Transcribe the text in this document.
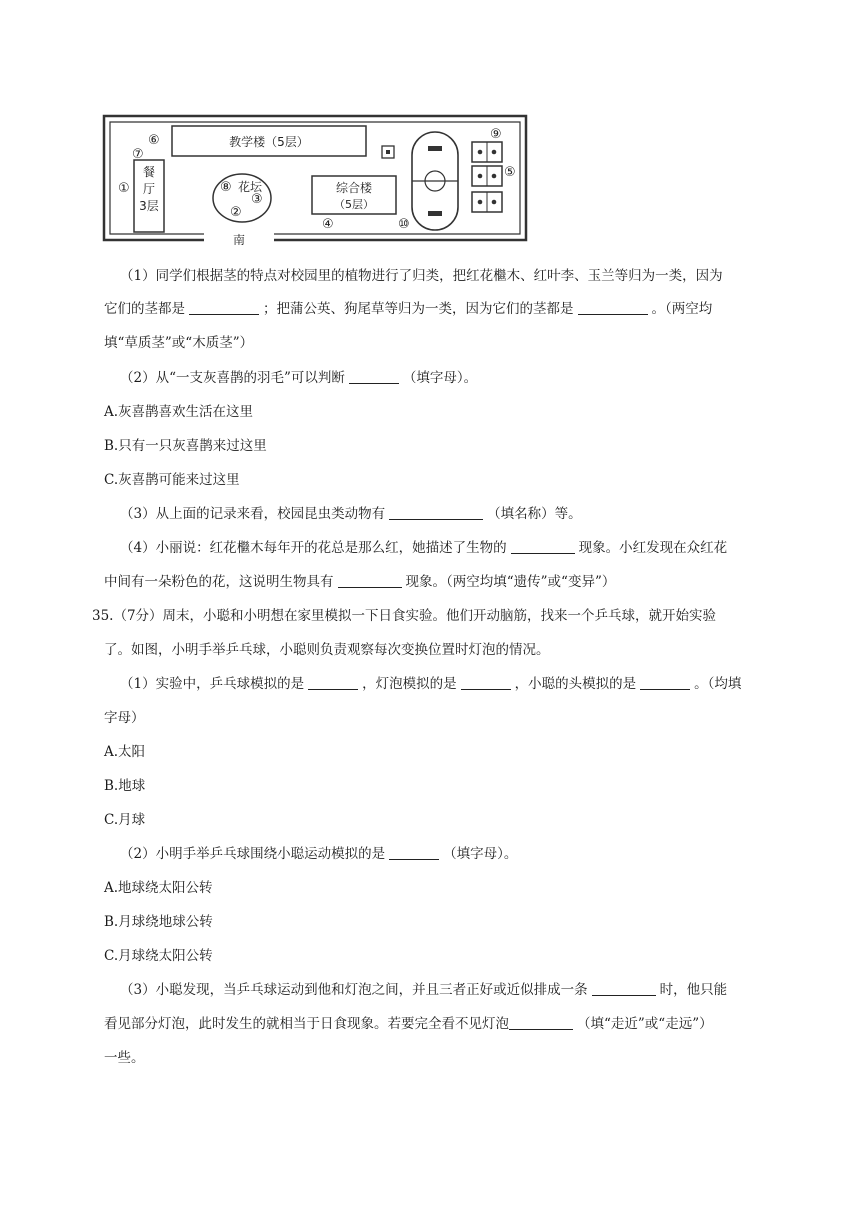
教学楼（5层）
餐厅 3层
花坛	综合楼
（5层）
①
②
③
④
⑤
⑥
⑦
⑧
⑨
⑩
南
（1）同学们根据茎的特点对校园里的植物进行了归类，把红花檵木、红叶李、玉兰等归为一类，因为
它们的茎都是	；把蒲公英、狗尾草等归为一类，因为它们的茎都是	。（两空均
填“草质茎”或“木质茎”）
（2）从“一支灰喜鹊的羽毛”可以判断	（填字母）。
A.灰喜鹊喜欢生活在这里
B.只有一只灰喜鹊来过这里
C.灰喜鹊可能来过这里
（3）从上面的记录来看，校园昆虫类动物有	（填名称）等。
（4）小丽说：红花檵木每年开的花总是那么红，她描述了生物的	现象。小红发现在众红花
中间有一朵粉色的花，这说明生物具有	现象。（两空均填“遗传”或“变异”）
35.（7分）周末，小聪和小明想在家里模拟一下日食实验。他们开动脑筋，找来一个乒乓球，就开始实验
了。如图，小明手举乒乓球，小聪则负责观察每次变换位置时灯泡的情况。
（1）实验中，乒乓球模拟的是	，灯泡模拟的是	，小聪的头模拟的是	。（均填
字母）
A.太阳
B.地球
C.月球
（2）小明手举乒乓球围绕小聪运动模拟的是	（填字母）。
A.地球绕太阳公转
B.月球绕地球公转
C.月球绕太阳公转
（3）小聪发现，当乒乓球运动到他和灯泡之间，并且三者正好或近似排成一条	时，他只能
看见部分灯泡，此时发生的就相当于日食现象。若要完全看不见灯泡	（填“走近”或“走远”）
一些。
